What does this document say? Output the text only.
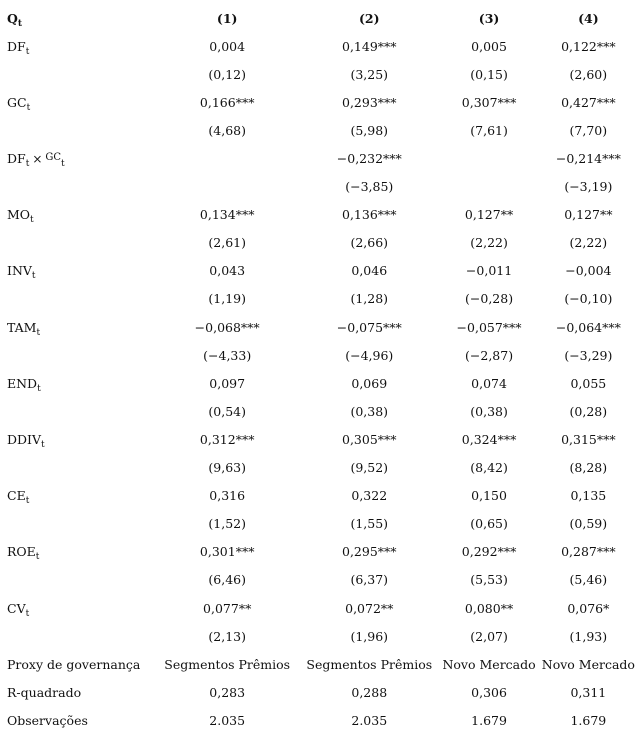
$Q_t$	(1)	(2)	(3)	(4)
$DF_t$	0,004	0,149***	0,005	0,122***
	(0,12)	(3,25)	(0,15)	(2,60)
$GC_t$	0,166***	0,293***	0,307***	0,427***
	(4,68)	(5,98)	(7,61)	(7,70)
$DF_t \times ^{GC}_t$		−0,232***		−0,214***
		(−3,85)		(−3,19)
$MO_t$	0,134***	0,136***	0,127**	0,127**
	(2,61)	(2,66)	(2,22)	(2,22)
$INV_t$	0,043	0,046	−0,011	−0,004
	(1,19)	(1,28)	(−0,28)	(−0,10)
$TAM_t$	−0,068***	−0,075***	−0,057***	−0,064***
	(−4,33)	(−4,96)	(−2,87)	(−3,29)
$END_t$	0,097	0,069	0,074	0,055
	(0,54)	(0,38)	(0,38)	(0,28)
$DDIV_t$	0,312***	0,305***	0,324***	0,315***
	(9,63)	(9,52)	(8,42)	(8,28)
$CE_t$	0,316	0,322	0,150	0,135
	(1,52)	(1,55)	(0,65)	(0,59)
$ROE_t$	0,301***	0,295***	0,292***	0,287***
	(6,46)	(6,37)	(5,53)	(5,46)
$CV_t$	0,077**	0,072**	0,080**	0,076*
	(2,13)	(1,96)	(2,07)	(1,93)
Proxy de governança	Segmentos Prêmios	Segmentos Prêmios	Novo Mercado	Novo Mercado
R-quadrado	0,283	0,288	0,306	0,311
Observações	2.035	2.035	1.679	1.679
